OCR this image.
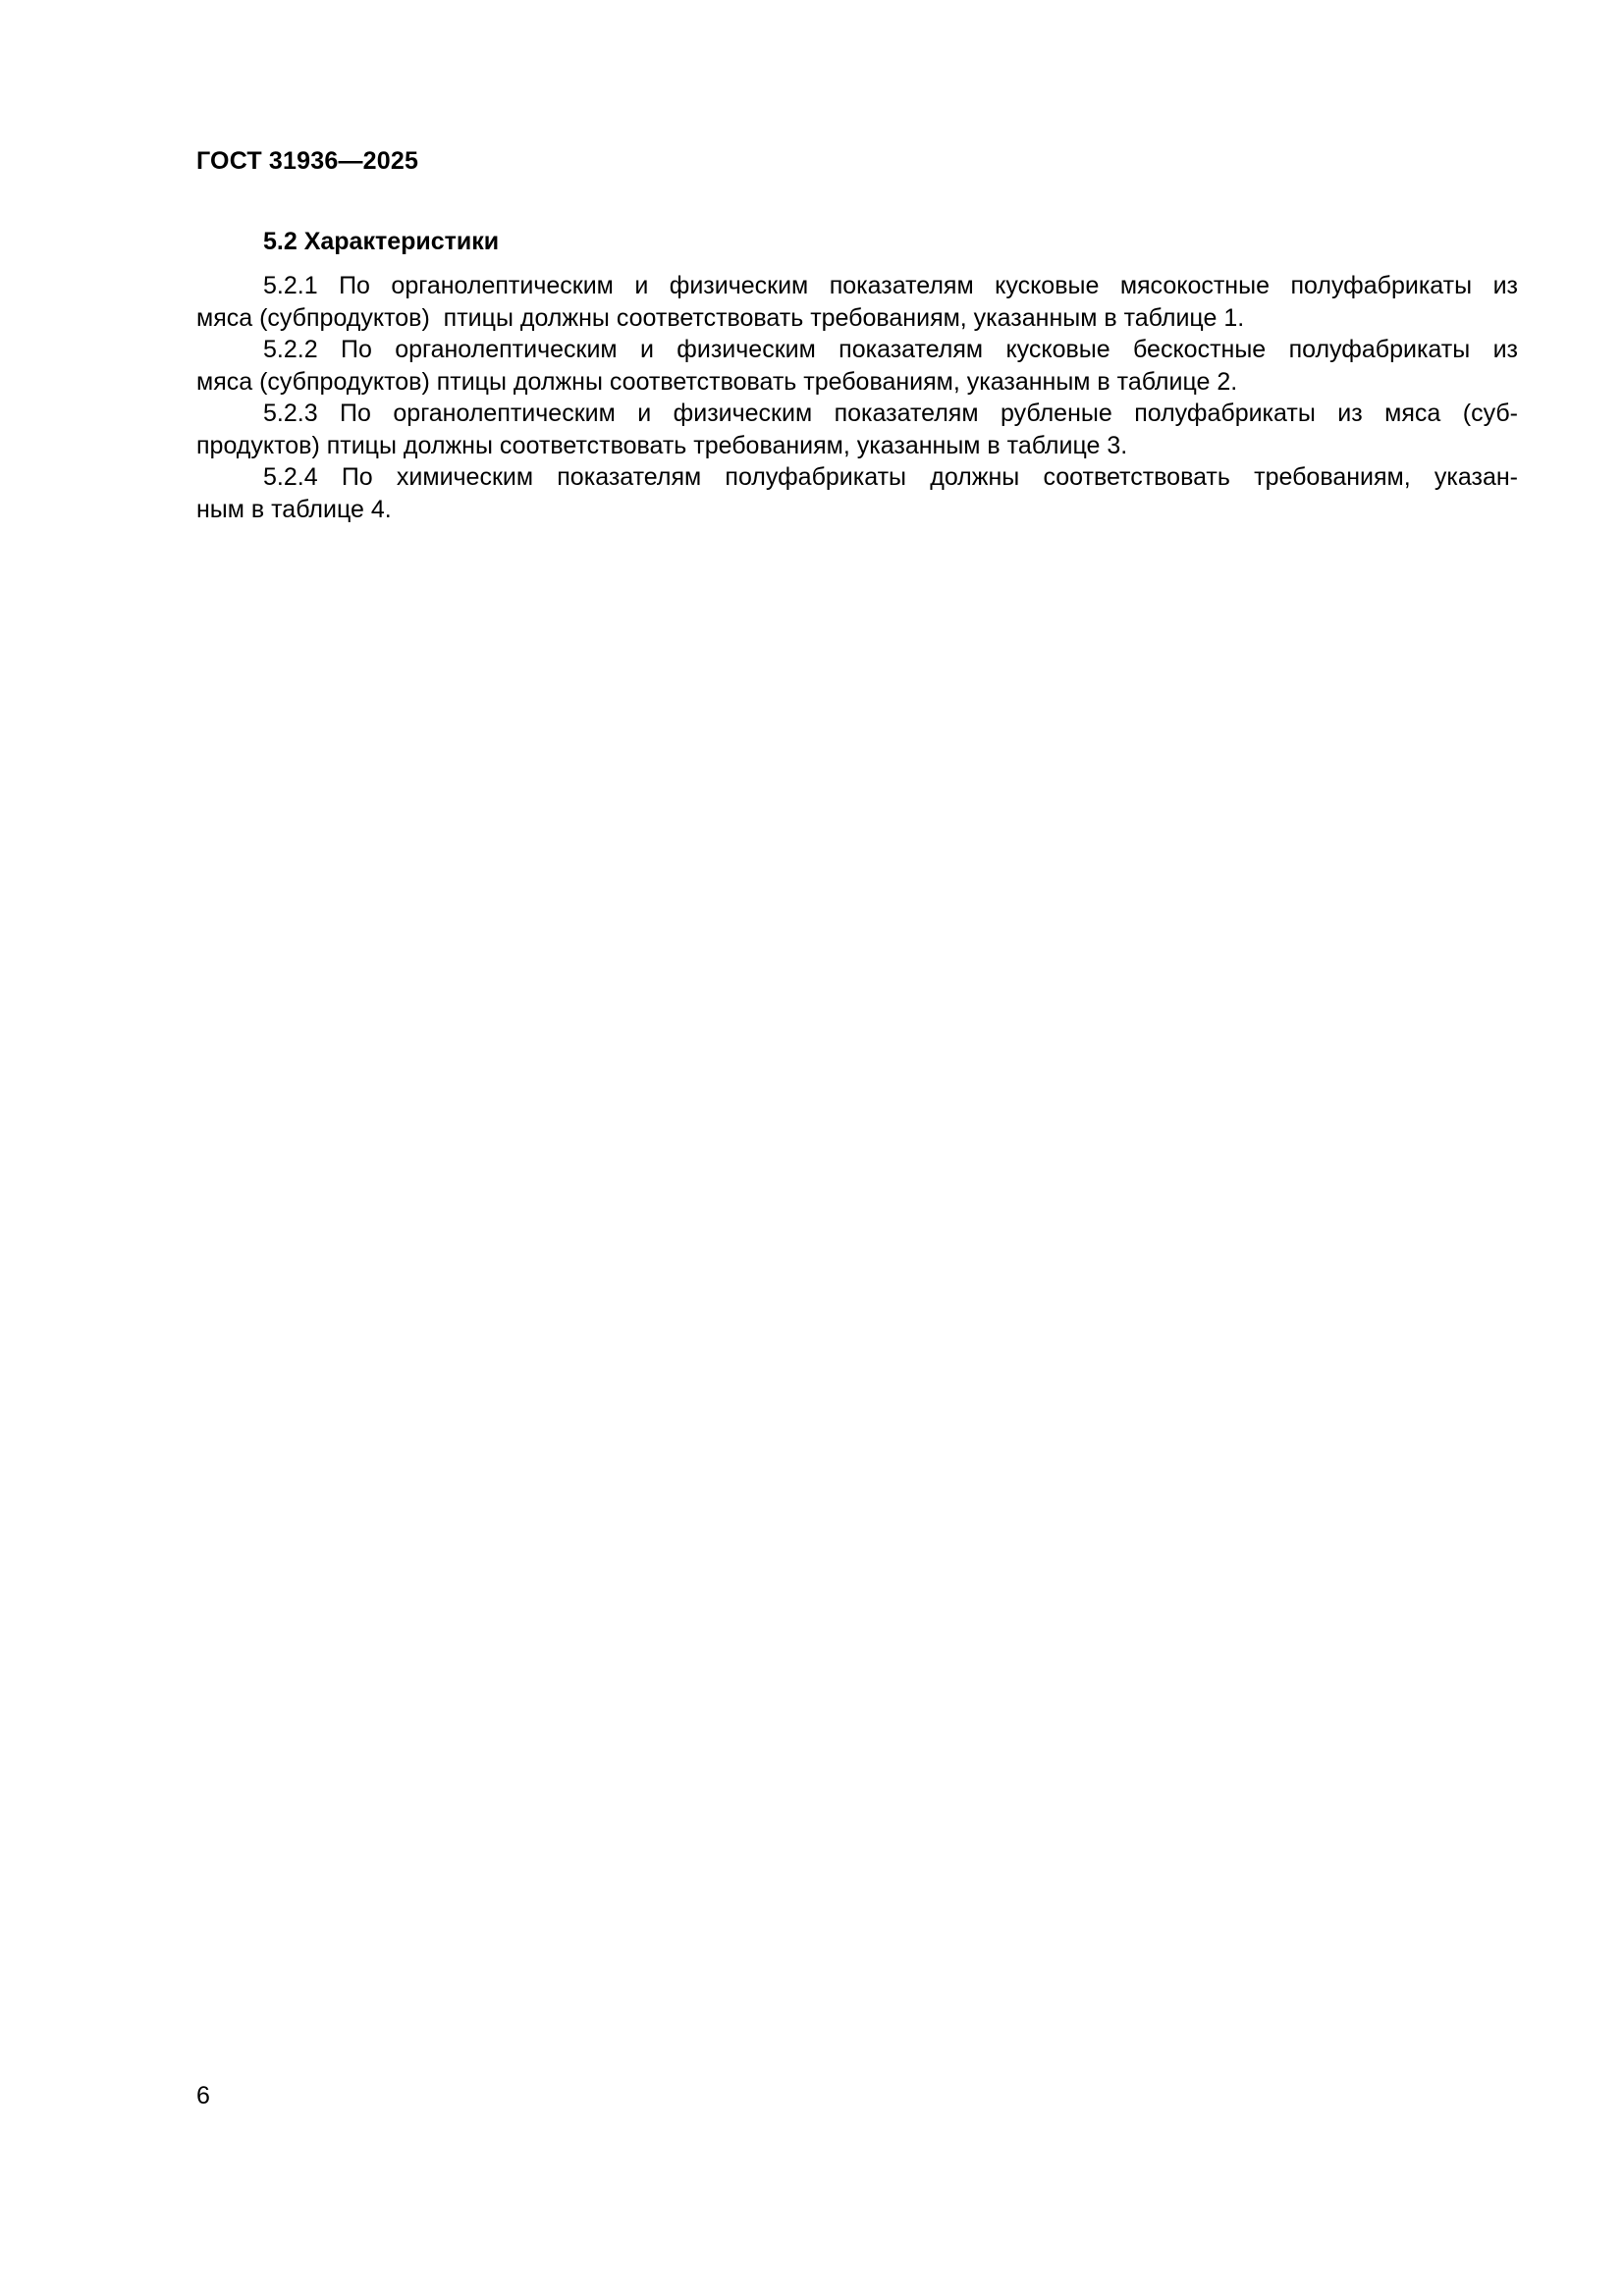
ГОСТ 31936—2025
5.2 Характеристики

5.2.1 По органолептическим и физическим показателям кусковые мясокостные полуфабрикаты из
мяса (субпродуктов)  птицы должны соответствовать требованиям, указанным в таблице 1.

5.2.2 По органолептическим и физическим показателям кусковые бескостные полуфабрикаты из
мяса (субпродуктов) птицы должны соответствовать требованиям, указанным в таблице 2.

5.2.3 По органолептическим и физическим показателям рубленые полуфабрикаты из мяса (суб-
продуктов) птицы должны соответствовать требованиям, указанным в таблице 3.

5.2.4 По химическим показателям полуфабрикаты должны соответствовать требованиям, указан-
ным в таблице 4.

6
